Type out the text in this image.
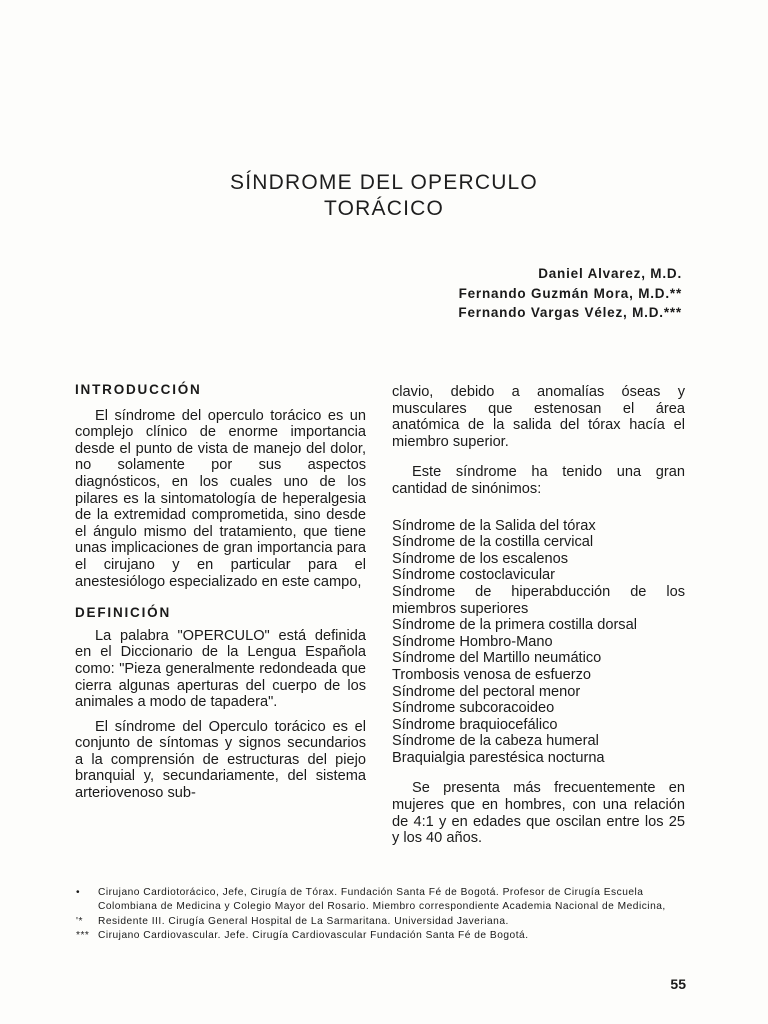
SÍNDROME DEL OPERCULO
TORÁCICO
Daniel Alvarez, M.D.
Fernando Guzmán Mora, M.D.**
Fernando Vargas Vélez, M.D.***
INTRODUCCIÓN

El síndrome del operculo torácico es un complejo clínico de enorme importancia desde el punto de vista de manejo del dolor, no solamente por sus aspectos diagnósticos, en los cuales uno de los pilares es la sintomatología de heperalgesia de la extremidad comprometida, sino desde el ángulo mismo del tratamiento, que tiene unas implicaciones de gran importancia para el cirujano y en particular para el anestesiólogo especializado en este campo,

DEFINICIÓN

La palabra "OPERCULO" está definida en el Diccionario de la Lengua Española como: "Pieza generalmente redondeada que cierra algunas aperturas del cuerpo de los animales a modo de tapadera".

El síndrome del Operculo torácico es el conjunto de síntomas y signos secundarios a la comprensión de estructuras del piejo branquial y, secundariamente, del sistema arteriovenoso sub-

clavio, debido a anomalías óseas y musculares que estenosan el área anatómica de la salida del tórax hacía el miembro superior.

Este síndrome ha tenido una gran cantidad de sinónimos:

Síndrome de la Salida del tórax
Síndrome de la costilla cervical
Síndrome de los escalenos
Síndrome costoclavicular
Síndrome de hiperabducción de los miembros superiores
Síndrome de la primera costilla dorsal
Síndrome Hombro-Mano
Síndrome del Martillo neumático
Trombosis venosa de esfuerzo
Síndrome del pectoral menor
Síndrome subcoracoideo
Síndrome braquiocefálico
Síndrome de la cabeza humeral
Braquialgia parestésica nocturna

Se presenta más frecuentemente en mujeres que en hombres, con una relación de 4:1 y en edades que oscilan entre los 25 y los 40 años.

•	Cirujano Cardiotorácico, Jefe, Cirugía de Tórax. Fundación Santa Fé de Bogotá. Profesor de Cirugía Escuela Colombiana de Medicina y Colegio Mayor del Rosario. Miembro correspondiente Academia Nacional de Medicina,
'*	Residente III. Cirugía General Hospital de La Sarmaritana. Universidad Javeriana.
*** Cirujano Cardiovascular. Jefe. Cirugía Cardiovascular Fundación Santa Fé de Bogotá.
55
